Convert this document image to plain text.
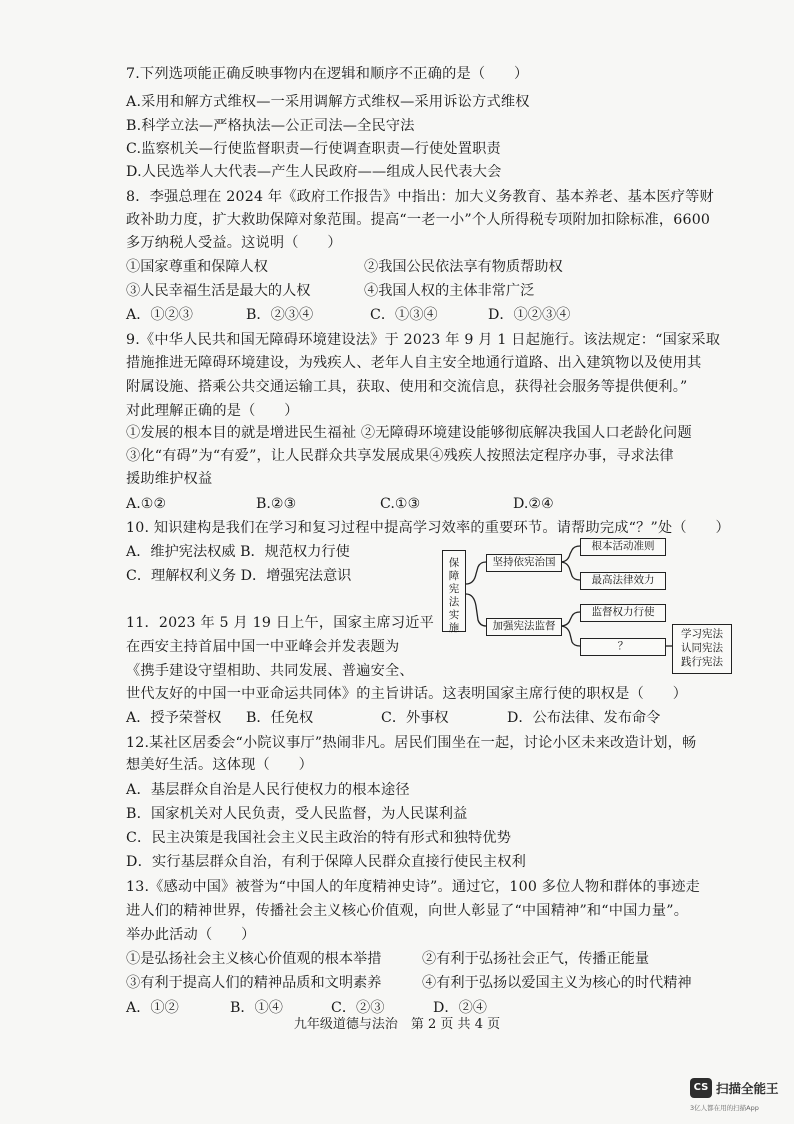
7.下列选项能正确反映事物内在逻辑和顺序不正确的是（　　）
A.采用和解方式维权—一采用调解方式维权—采用诉讼方式维权
B.科学立法—严格执法—公正司法—全民守法
C.监察机关—行使监督职责—行使调查职责—行使处置职责
D.人民选举人大代表—产生人民政府——组成人民代表大会
8．李强总理在 2024 年《政府工作报告》中指出：加大义务教育、基本养老、基本医疗等财
政补助力度，扩大救助保障对象范围。提高“一老一小”个人所得税专项附加扣除标准，6600
多万纳税人受益。这说明（　　）
①国家尊重和保障人权	②我国公民依法享有物质帮助权
③人民幸福生活是最大的人权	④我国人权的主体非常广泛
A．①②③	B．②③④	C．①③④	D．①②③④
9.《中华人民共和国无障碍环境建设法》于 2023 年 9 月 1 日起施行。该法规定：“国家采取
措施推进无障碍环境建设，为残疾人、老年人自主安全地通行道路、出入建筑物以及使用其
附属设施、搭乘公共交通运输工具，获取、使用和交流信息，获得社会服务等提供便利。”
对此理解正确的是（　　）
①发展的根本目的就是增进民生福祉 ②无障碍环境建设能够彻底解决我国人口老龄化问题
③化“有碍”为“有爱”，让人民群众共享发展成果④残疾人按照法定程序办事，寻求法律
援助维护权益
A.①②	B.②③	C.①③	D.②④
10. 知识建构是我们在学习和复习过程中提高学习效率的重要环节。请帮助完成“？”处（　　）
A．维护宪法权威 B．规范权力行使
C．理解权利义务 D．增强宪法意识
保
障
宪
法
实
施
坚持依宪治国
加强宪法监督
根本活动准则
最高法律效力
监督权力行使
？
学习宪法
认同宪法
践行宪法
11．2023 年 5 月 19 日上午，国家主席习近平
在西安主持首届中国一中亚峰会并发表题为
《携手建设守望相助、共同发展、普遍安全、
世代友好的中国一中亚命运共同体》的主旨讲话。这表明国家主席行使的职权是（　　）
A．授予荣誉权 B．任免权	C．外事权	D．公布法律、发布命令
12.某社区居委会“小院议事厅”热闹非凡。居民们围坐在一起，讨论小区未来改造计划，畅
想美好生活。这体现（　　）
A．基层群众自治是人民行使权力的根本途径
B．国家机关对人民负责，受人民监督，为人民谋利益
C．民主决策是我国社会主义民主政治的特有形式和独特优势
D．实行基层群众自治，有利于保障人民群众直接行使民主权利
13.《感动中国》被誉为“中国人的年度精神史诗”。通过它，100 多位人物和群体的事迹走
进人们的精神世界，传播社会主义核心价值观，向世人彰显了“中国精神”和“中国力量”。
举办此活动（　　）
①是弘扬社会主义核心价值观的根本举措	②有利于弘扬社会正气，传播正能量
③有利于提高人们的精神品质和文明素养	④有利于弘扬以爱国主义为核心的时代精神
A．①②	B．①④	C．②③	D．②④
九年级道德与法治　第 2 页 共 4 页
CS 扫描全能王
3亿人都在用的扫描App
